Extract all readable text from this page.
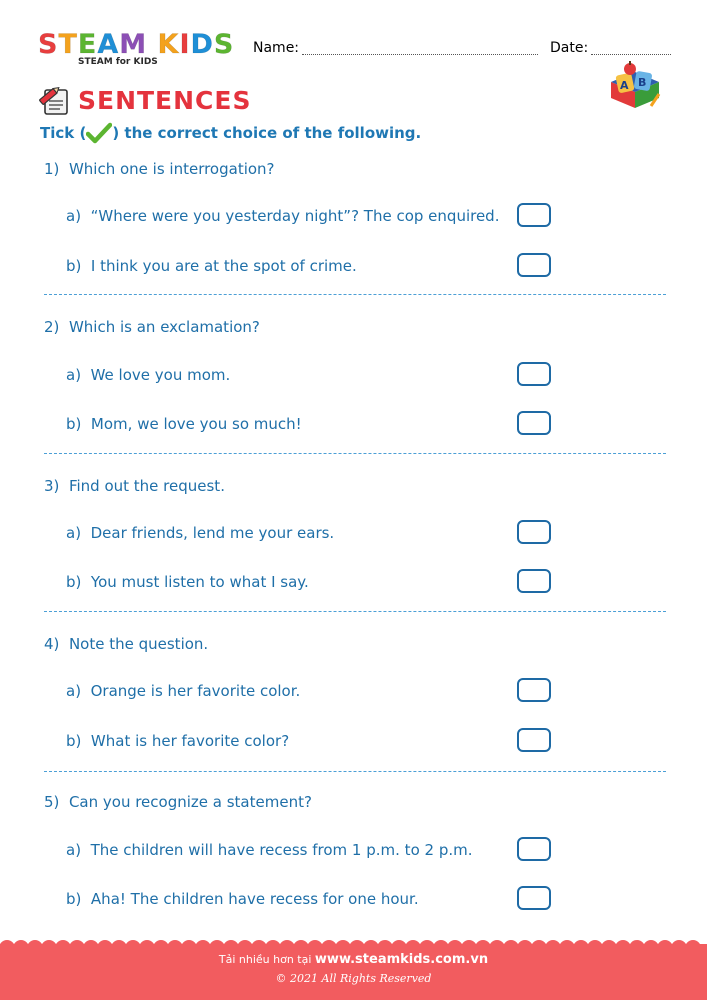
STEAM KIDS
STEAM for KIDS
Name:	Date:
SENTENCES
A B
Tick ( ) the correct choice of the following.
1) Which one is interrogation?
a) “Where were you yesterday night”? The cop enquired.
b) I think you are at the spot of crime.
2) Which is an exclamation?
a) We love you mom.
b) Mom, we love you so much!
3) Find out the request.
a) Dear friends, lend me your ears.
b) You must listen to what I say.
4) Note the question.
a) Orange is her favorite color.
b) What is her favorite color?
5) Can you recognize a statement?
a) The children will have recess from 1 p.m. to 2 p.m.
b) Aha! The children have recess for one hour.
Tải nhiều hơn tại www.steamkids.com.vn
© 2021 All Rights Reserved
